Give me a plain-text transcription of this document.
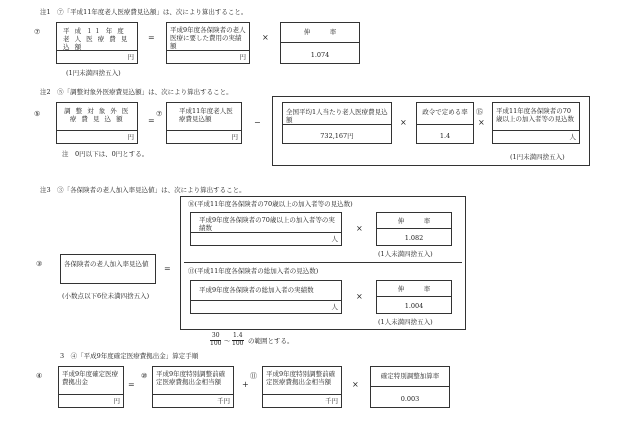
注1　⑦「平成11年度老人医療費見込額」は、次により算出すること。
⑦	平 成 １１ 年 度 老 人 医 療 費 見 込 額
円
=
平成9年度各保険者の老人医療に要した費用の実績額
円
×
伸　　　率
1.074
(1円未満四捨五入)
注2　⑤「調整対象外医療費見込額」は、次により算出すること。
⑤	調 整 対 象 外 医 療 費 見 込 額
円
=
⑦	平成11年度老人医療費見込額
円
−
全国平均1人当たり老人医療費見込額
732,167円
×
政令で定める率
1.4
×
⑮ 平成11年度各保険者の70歳以上の加入者等の見込数
人
注　0円以下は、0円とする。	(1円未満四捨五入)
注3　③「各保険者の老人加入率見込値」は、次により算出すること。
③	各保険者の老人加入率見込値	=
(小数点以下6位未満四捨五入)
⑯(平成11年度各保険者の70歳以上の加入者等の見込数)
平成9年度各保険者の70歳以上の加入者等の実績数
人
×
伸　　　率
1.082
(1人未満四捨五入)
⑪(平成11年度各保険者の総加入者の見込数)
平成9年度各保険者の総加入者の実績数
人
×
伸　　　率
1.004
(1人未満四捨五入)
$\frac{30}{100}$ ～ $\frac{1.4}{100}$ の範囲とする。
3　④「平成9年度確定医療費拠出金」算定手順
④	平成9年度確定医療費拠出金
円
=
⑩ 平成9年度特別調整前確定医療費拠出金相当額
千円
+
⑪ 平成9年度特別調整前確定医療費拠出金相当額
千円
×
確定特別調整加算率
0.003
